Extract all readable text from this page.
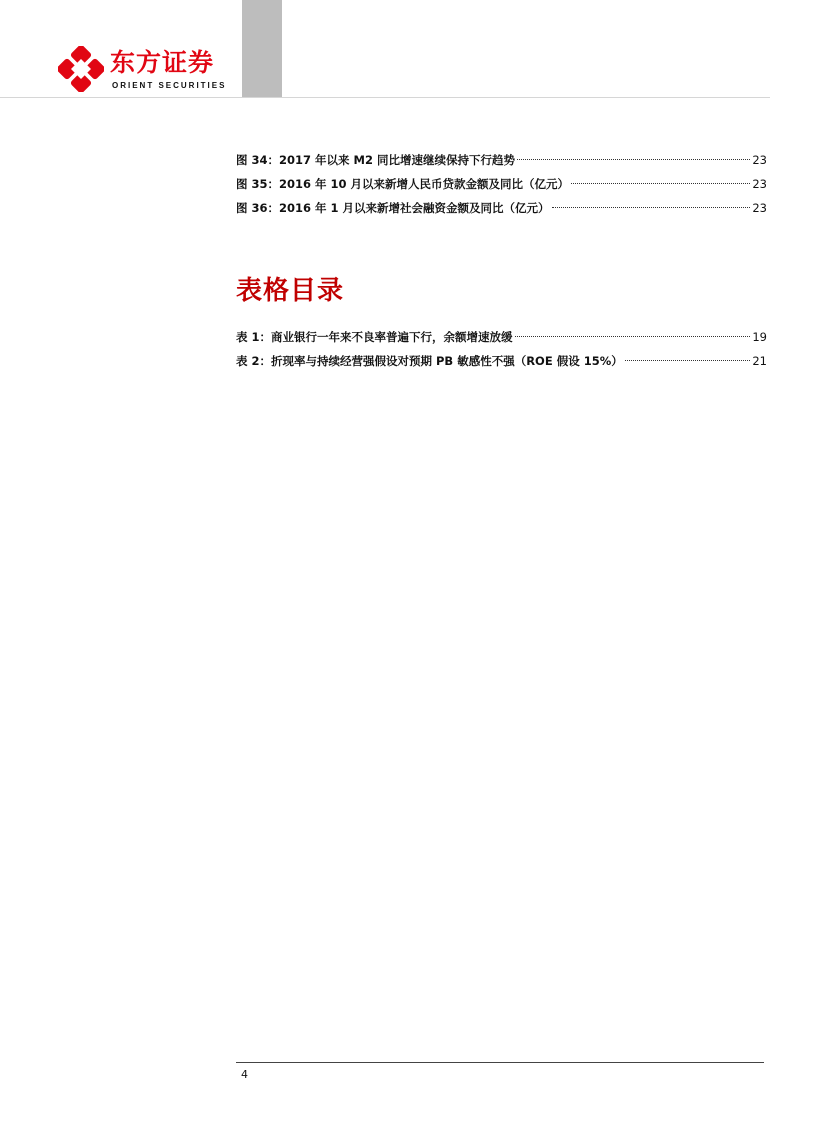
东方证券
ORIENT SECURITIES
图 34：2017 年以来 M2 同比增速继续保持下行趋势	23
图 35：2016 年 10 月以来新增人民币贷款金额及同比（亿元）	23
图 36：2016 年 1 月以来新增社会融资金额及同比（亿元）	23
表格目录
表 1：商业银行一年来不良率普遍下行，余额增速放缓	19
表 2：折现率与持续经营强假设对预期 PB 敏感性不强（ROE 假设 15%）	21
4
